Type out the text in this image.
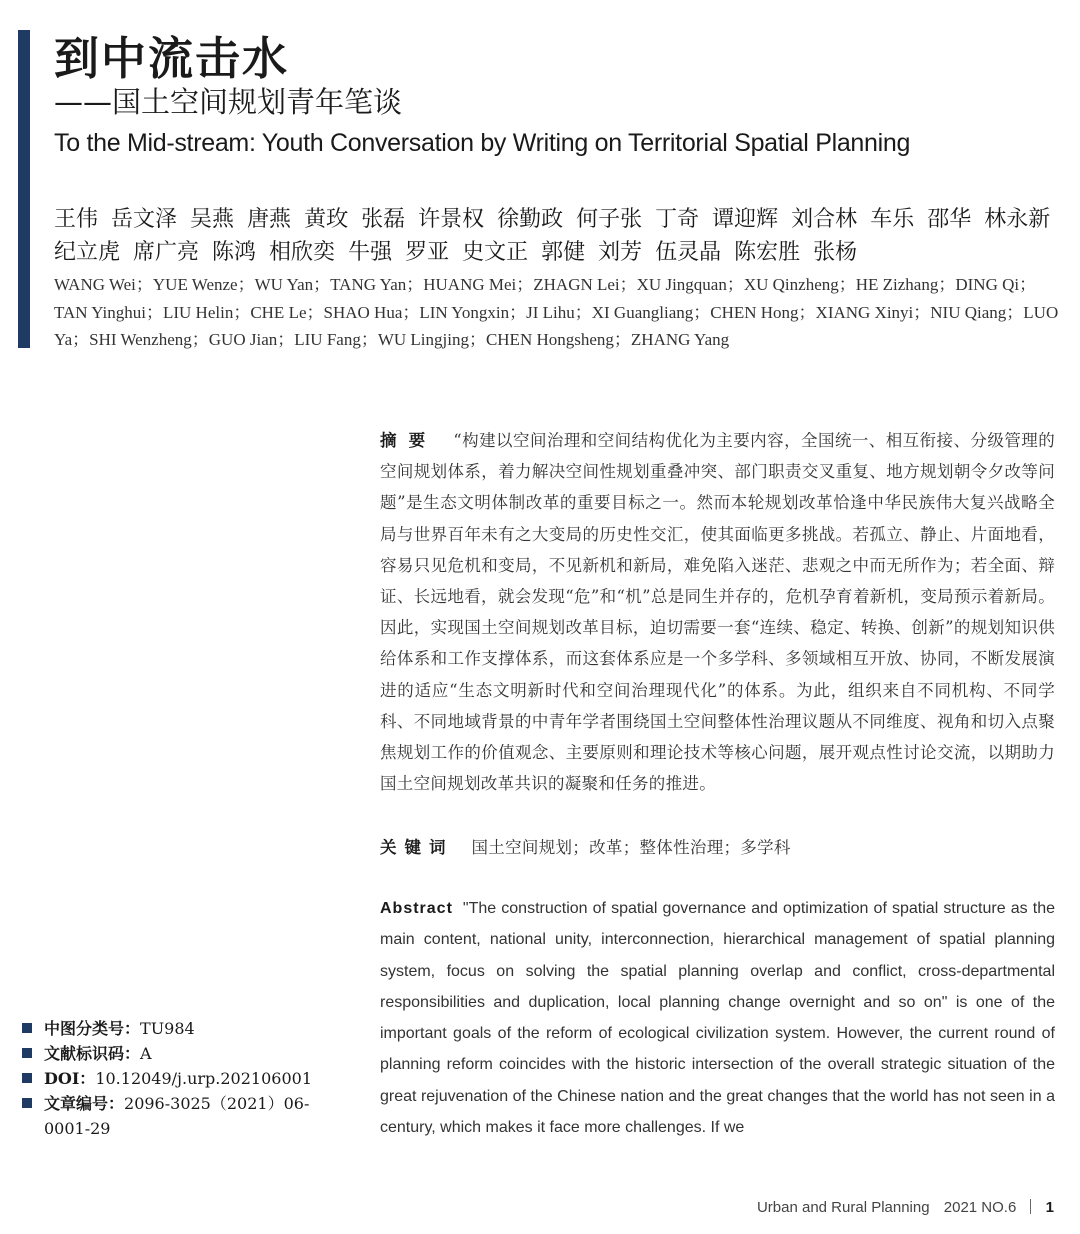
到中流击水
——国土空间规划青年笔谈
To the Mid-stream: Youth Conversation by Writing on Territorial Spatial Planning
王伟 岳文泽 吴燕 唐燕 黄玫 张磊 许景权 徐勤政 何子张 丁奇 谭迎辉 刘合林 车乐 邵华 林永新纪立虎 席广亮 陈鸿 相欣奕 牛强 罗亚 史文正 郭健 刘芳 伍灵晶 陈宏胜 张杨
WANG Wei；YUE Wenze；WU Yan；TANG Yan；HUANG Mei；ZHAGN Lei；XU Jingquan；XU Qinzheng；HE Zizhang；DING Qi；TAN Yinghui；LIU Helin；CHE Le；SHAO Hua；LIN Yongxin；JI Lihu；XI Guangliang；CHEN Hong；XIANG Xinyi；NIU Qiang；LUO Ya；SHI Wenzheng；GUO Jian；LIU Fang；WU Lingjing；CHEN Hongsheng；ZHANG Yang
摘要 “构建以空间治理和空间结构优化为主要内容，全国统一、相互衔接、分级管理的空间规划体系，着力解决空间性规划重叠冲突、部门职责交叉重复、地方规划朝令夕改等问题”是生态文明体制改革的重要目标之一。然而本轮规划改革恰逢中华民族伟大复兴战略全局与世界百年未有之大变局的历史性交汇，使其面临更多挑战。若孤立、静止、片面地看，容易只见危机和变局，不见新机和新局，难免陷入迷茫、悲观之中而无所作为；若全面、辩证、长远地看，就会发现“危”和“机”总是同生并存的，危机孕育着新机，变局预示着新局。因此，实现国土空间规划改革目标，迫切需要一套“连续、稳定、转换、创新”的规划知识供给体系和工作支撑体系，而这套体系应是一个多学科、多领域相互开放、协同，不断发展演进的适应“生态文明新时代和空间治理现代化”的体系。为此，组织来自不同机构、不同学科、不同地域背景的中青年学者围绕国土空间整体性治理议题从不同维度、视角和切入点聚焦规划工作的价值观念、主要原则和理论技术等核心问题，展开观点性讨论交流，以期助力国土空间规划改革共识的凝聚和任务的推进。
关键词 国土空间规划；改革；整体性治理；多学科
Abstract "The construction of spatial governance and optimization of spatial structure as the main content, national unity, interconnection, hierarchical management of spatial planning system, focus on solving the spatial planning overlap and conflict, cross-departmental responsibilities and duplication, local planning change overnight and so on" is one of the important goals of the reform of ecological civilization system. However, the current round of planning reform coincides with the historic intersection of the overall strategic situation of the great rejuvenation of the Chinese nation and the great changes that the world has not seen in a century, which makes it face more challenges. If we
中图分类号：TU984
文献标识码：A
DOI：10.12049/j.urp.202106001
文章编号：2096-3025（2021）06-0001-29
Urban and Rural Planning 2021 NO.6 1
